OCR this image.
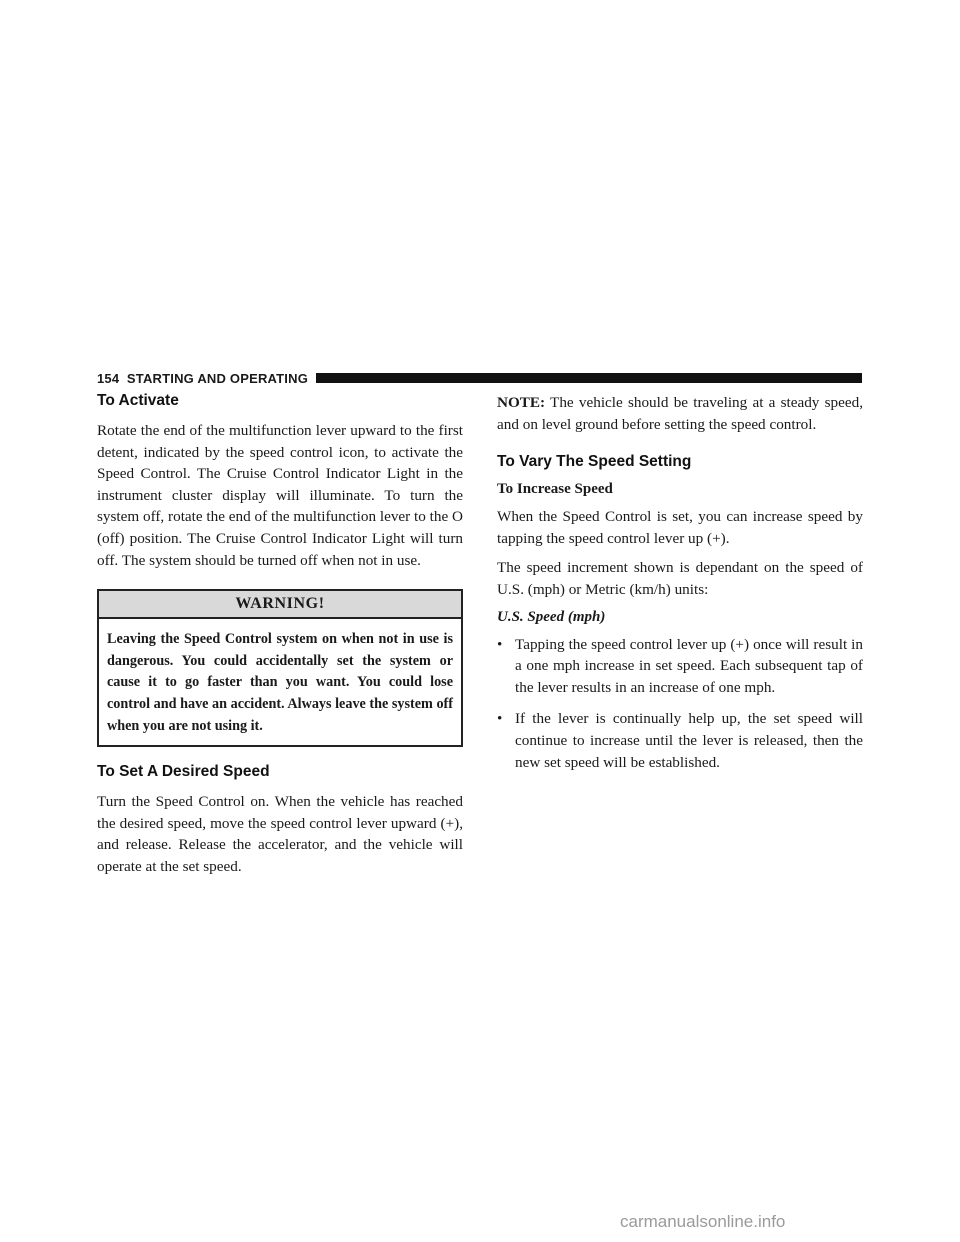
154 STARTING AND OPERATING
To Activate

Rotate the end of the multifunction lever upward to the first detent, indicated by the speed control icon, to activate the Speed Control. The Cruise Control Indicator Light in the instrument cluster display will illuminate. To turn the system off, rotate the end of the multifunction lever to the O (off) position. The Cruise Control Indicator Light will turn off. The system should be turned off when not in use.

WARNING!
Leaving the Speed Control system on when not in use is dangerous. You could accidentally set the system or cause it to go faster than you want. You could lose control and have an accident. Always leave the system off when you are not using it.
To Set A Desired Speed

Turn the Speed Control on. When the vehicle has reached the desired speed, move the speed control lever upward (+), and release. Release the accelerator, and the vehicle will operate at the set speed.

NOTE: The vehicle should be traveling at a steady speed, and on level ground before setting the speed control.

To Vary The Speed Setting
To Increase Speed

When the Speed Control is set, you can increase speed by tapping the speed control lever up (+).

The speed increment shown is dependant on the speed of U.S. (mph) or Metric (km/h) units:

U.S. Speed (mph)
• Tapping the speed control lever up (+) once will result in a one mph increase in set speed. Each subsequent tap of the lever results in an increase of one mph.
• If the lever is continually help up, the set speed will continue to increase until the lever is released, then the new set speed will be established.
carmanualsonline.info
